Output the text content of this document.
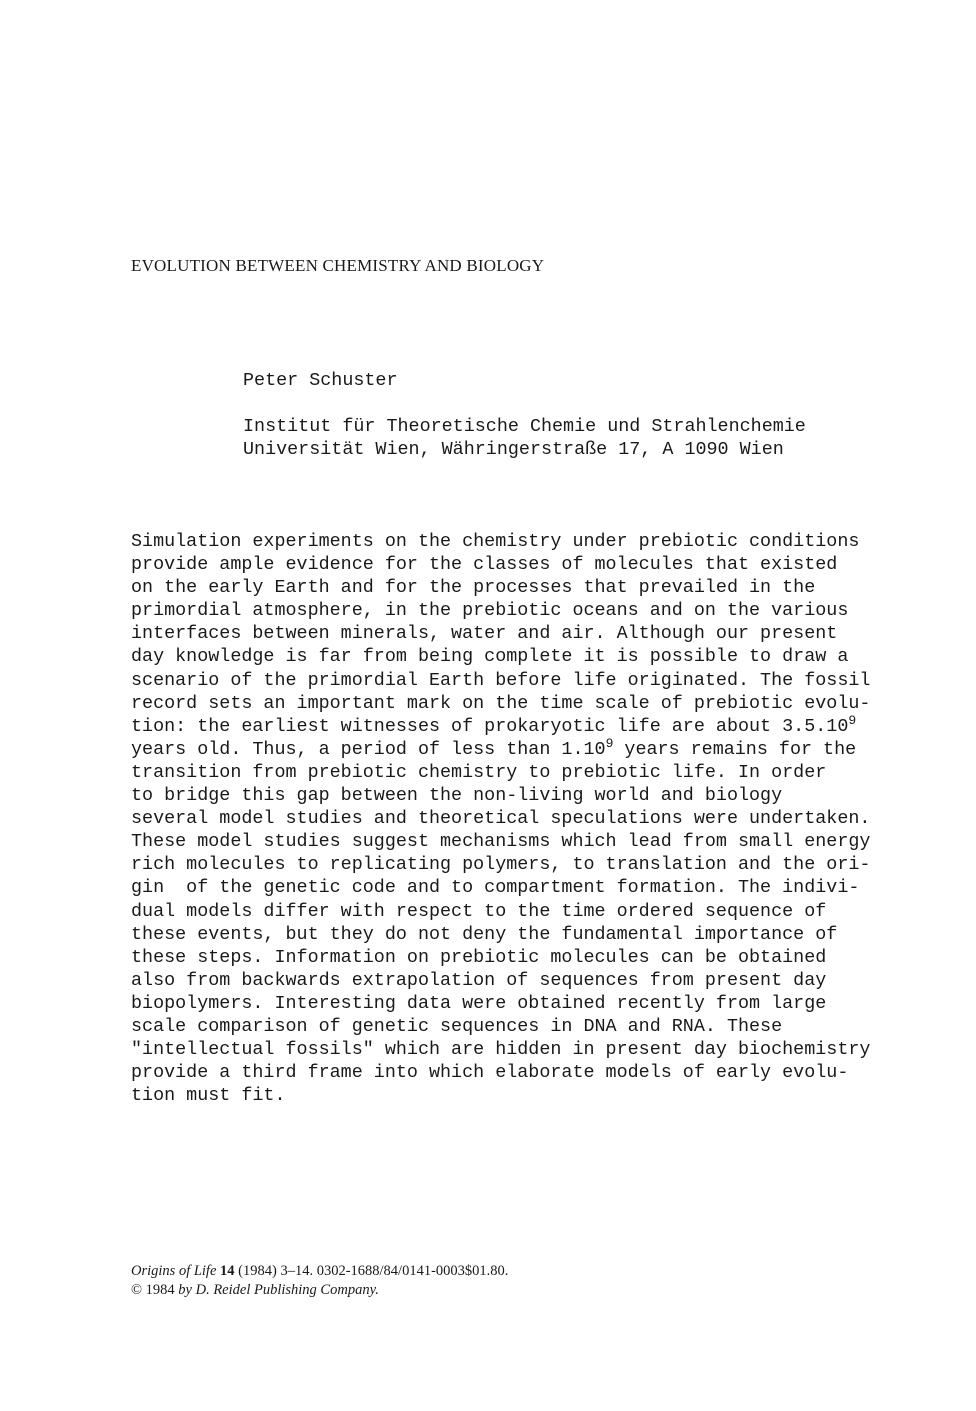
EVOLUTION BETWEEN CHEMISTRY AND BIOLOGY
Peter Schuster
Institut für Theoretische Chemie und Strahlenchemie
Universität Wien, Währingerstraße 17, A 1090 Wien
Simulation experiments on the chemistry under prebiotic conditions
provide ample evidence for the classes of molecules that existed
on the early Earth and for the processes that prevailed in the
primordial atmosphere, in the prebiotic oceans and on the various
interfaces between minerals, water and air. Although our present
day knowledge is far from being complete it is possible to draw a
scenario of the primordial Earth before life originated. The fossil
record sets an important mark on the time scale of prebiotic evolu-
tion: the earliest witnesses of prokaryotic life are about 3.5.10$^9$
years old. Thus, a period of less than 1.10$^9$ years remains for the
transition from prebiotic chemistry to prebiotic life. In order
to bridge this gap between the non-living world and biology
several model studies and theoretical speculations were undertaken.
These model studies suggest mechanisms which lead from small energy
rich molecules to replicating polymers, to translation and the ori-
gin  of the genetic code and to compartment formation. The indivi-
dual models differ with respect to the time ordered sequence of
these events, but they do not deny the fundamental importance of
these steps. Information on prebiotic molecules can be obtained
also from backwards extrapolation of sequences from present day
biopolymers. Interesting data were obtained recently from large
scale comparison of genetic sequences in DNA and RNA. These
"intellectual fossils" which are hidden in present day biochemistry
provide a third frame into which elaborate models of early evolu-
tion must fit.
Origins of Life 14 (1984) 3–14. 0302-1688/84/0141-0003$01.80.
© 1984 by D. Reidel Publishing Company.
